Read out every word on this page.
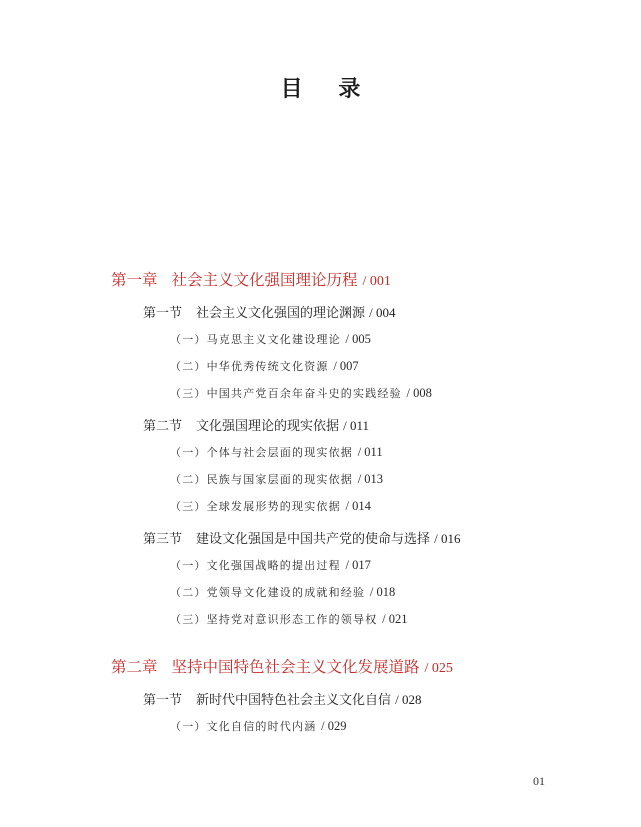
目 录
第一章 社会主义文化强国理论历程 / 001
第一节 社会主义文化强国的理论渊源 / 004
（一）马克思主义文化建设理论 / 005
（二）中华优秀传统文化资源 / 007
（三）中国共产党百余年奋斗史的实践经验 / 008
第二节 文化强国理论的现实依据 / 011
（一）个体与社会层面的现实依据 / 011
（二）民族与国家层面的现实依据 / 013
（三）全球发展形势的现实依据 / 014
第三节 建设文化强国是中国共产党的使命与选择 / 016
（一）文化强国战略的提出过程 / 017
（二）党领导文化建设的成就和经验 / 018
（三）坚持党对意识形态工作的领导权 / 021
第二章 坚持中国特色社会主义文化发展道路 / 025
第一节 新时代中国特色社会主义文化自信 / 028
（一）文化自信的时代内涵 / 029
01
